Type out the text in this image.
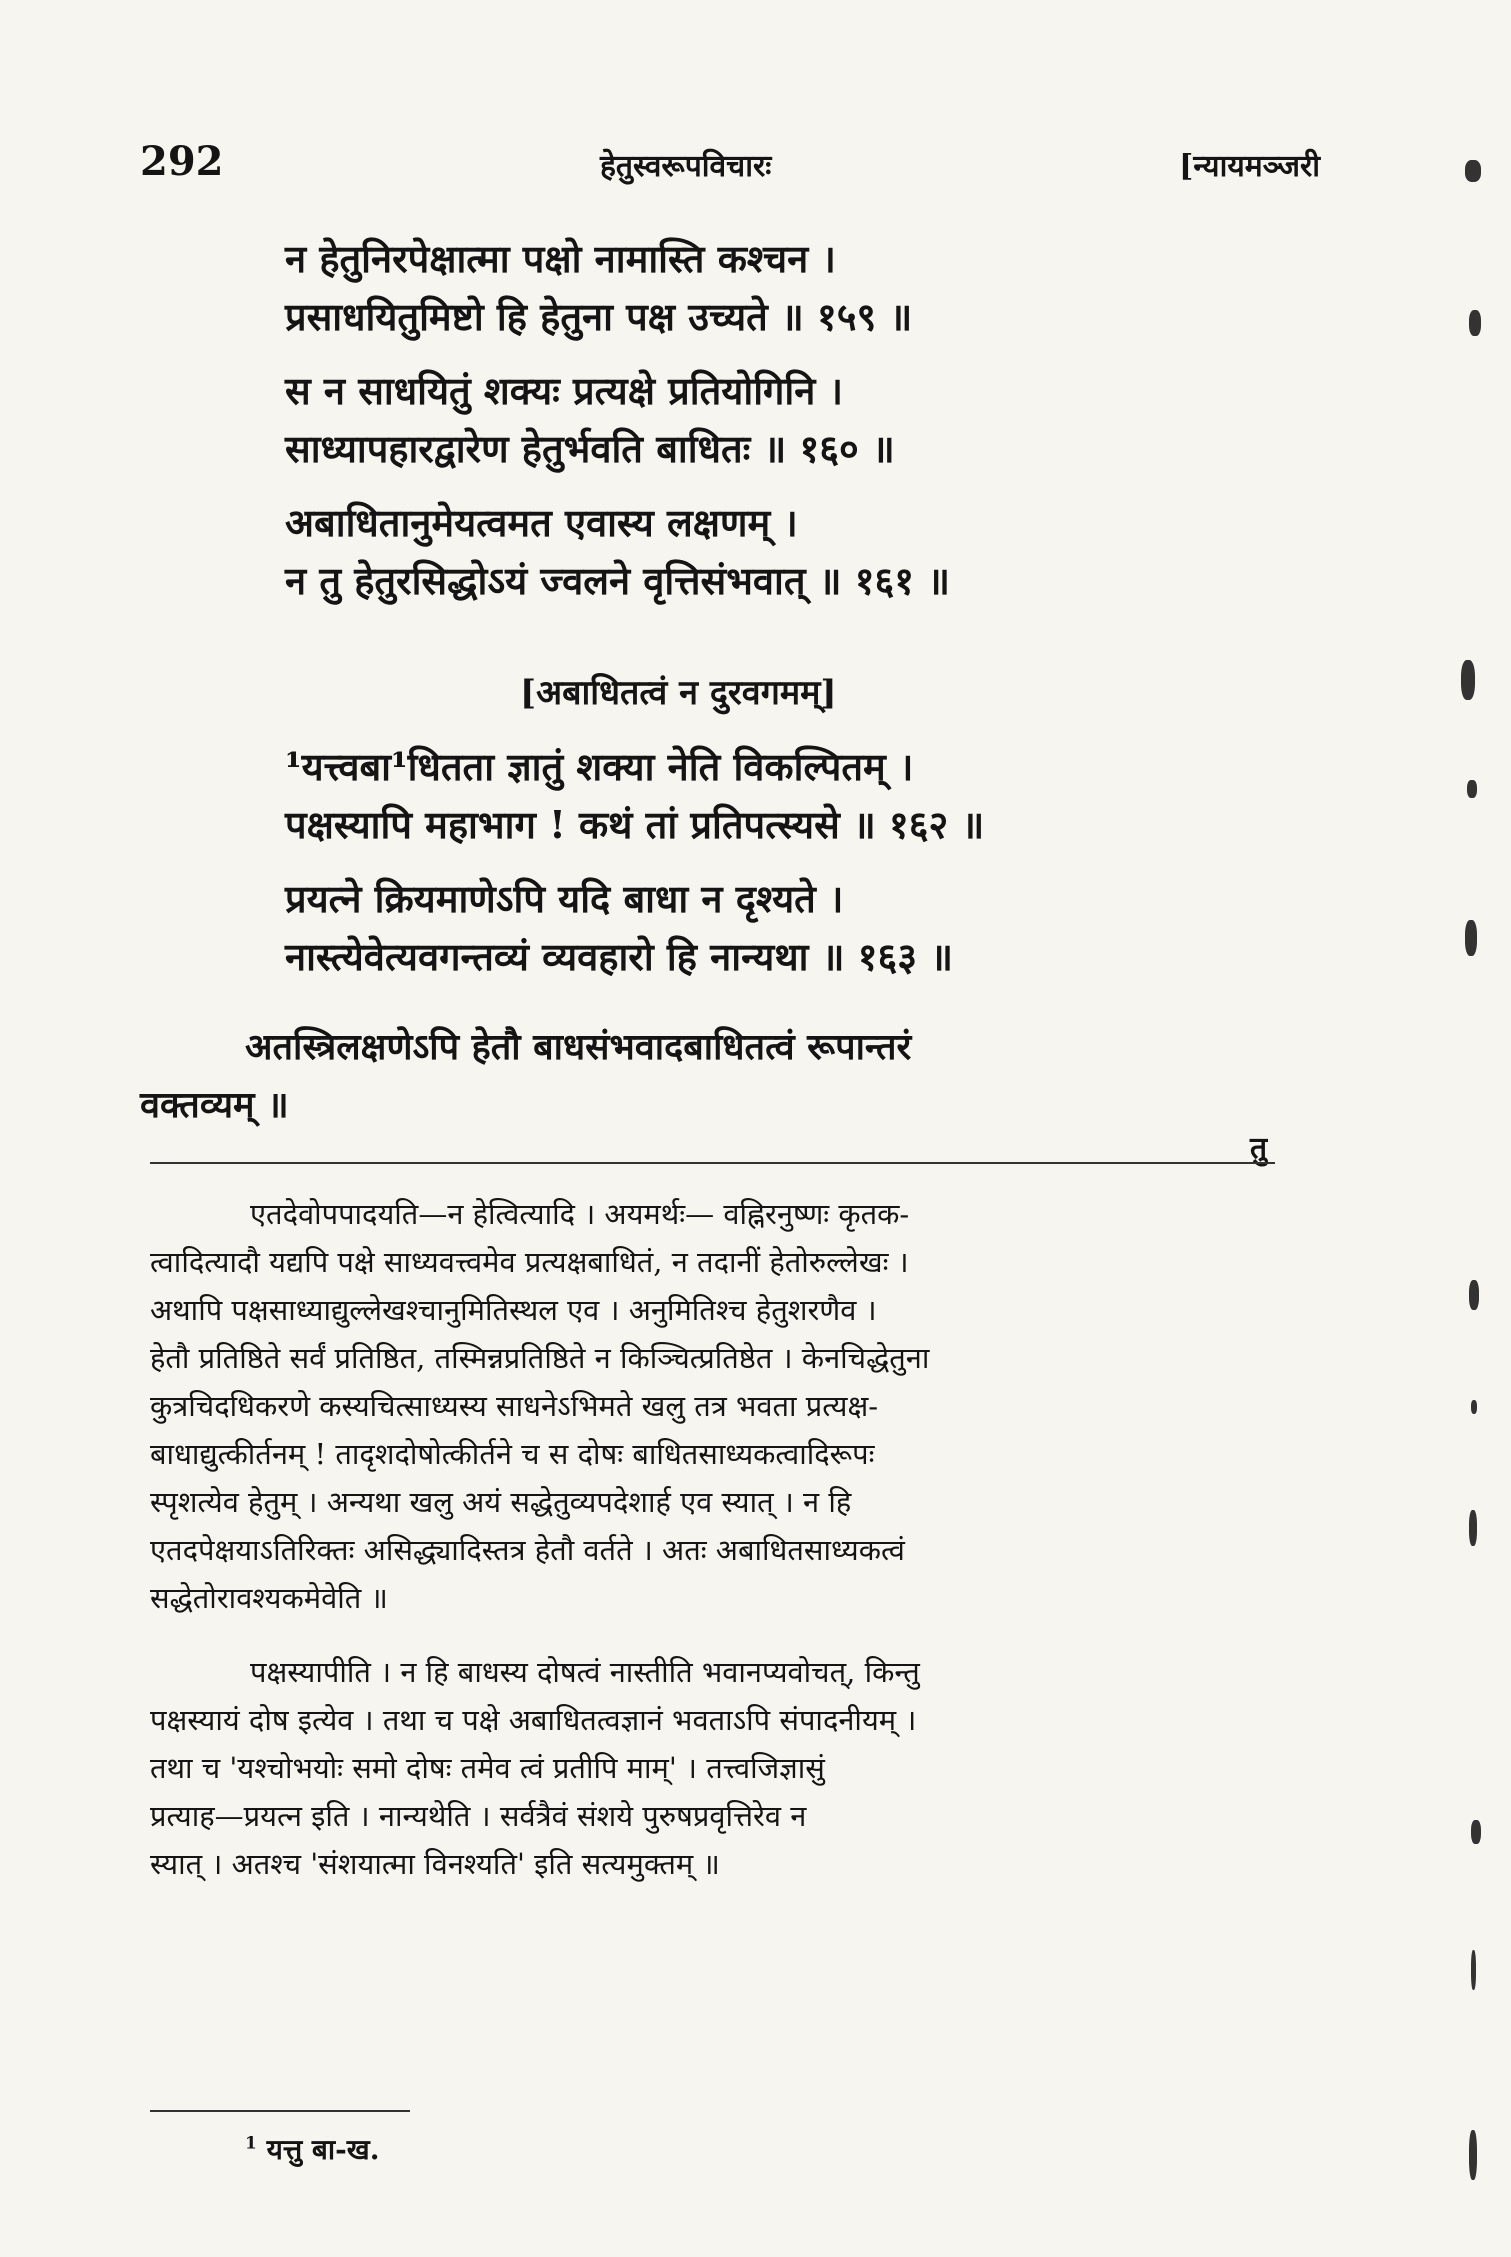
292	हेतुस्वरूपविचारः	[न्यायमञ्जरी
न हेतुनिरपेक्षात्मा पक्षो नामास्ति कश्चन ।
प्रसाधयितुमिष्टो हि हेतुना पक्ष उच्यते ॥ १५९ ॥
स न साधयितुं शक्यः प्रत्यक्षे प्रतियोगिनि ।
साध्यापहारद्वारेण हेतुर्भवति बाधितः ॥ १६० ॥
अबाधितानुमेयत्वमत एवास्य लक्षणम् ।
न तु हेतुरसिद्धोऽयं ज्वलने वृत्तिसंभवात् ॥ १६१ ॥
[अबाधितत्वं न दुरवगमम्]
¹यत्त्वबा¹धितता ज्ञातुं शक्या नेति विकल्पितम् ।
पक्षस्यापि महाभाग ! कथं तां प्रतिपत्स्यसे ॥ १६२ ॥
प्रयत्ने क्रियमाणेऽपि यदि बाधा न दृश्यते ।
नास्त्येवेत्यवगन्तव्यं व्यवहारो हि नान्यथा ॥ १६३ ॥
अतस्त्रिलक्षणेऽपि हेतौ बाधसंभवादबाधितत्वं रूपान्तरं
वक्तव्यम् ॥
तु
एतदेवोपपादयति—न हेत्वित्यादि । अयमर्थः— वह्निरनुष्णः कृतक-
त्वादित्यादौ यद्यपि पक्षे साध्यवत्त्वमेव प्रत्यक्षबाधितं, न तदानीं हेतोरुल्लेखः ।
अथापि पक्षसाध्याद्युल्लेखश्चानुमितिस्थल एव । अनुमितिश्च हेतुशरणैव ।
हेतौ प्रतिष्ठिते सर्वं प्रतिष्ठित, तस्मिन्नप्रतिष्ठिते न किञ्चित्प्रतिष्ठेत । केनचिद्धेतुना
कुत्रचिदधिकरणे कस्यचित्साध्यस्य साधनेऽभिमते खलु तत्र भवता प्रत्यक्ष-
बाधाद्युत्कीर्तनम् ! तादृशदोषोत्कीर्तने च स दोषः बाधितसाध्यकत्वादिरूपः
स्पृशत्येव हेतुम् । अन्यथा खलु अयं सद्धेतुव्यपदेशार्ह एव स्यात् । न हि
एतदपेक्षयाऽतिरिक्तः असिद्ध्यादिस्तत्र हेतौ वर्तते । अतः अबाधितसाध्यकत्वं
सद्धेतोरावश्यकमेवेति ॥
पक्षस्यापीति । न हि बाधस्य दोषत्वं नास्तीति भवानप्यवोचत्, किन्तु
पक्षस्यायं दोष इत्येव । तथा च पक्षे अबाधितत्वज्ञानं भवताऽपि संपादनीयम् ।
तथा च 'यश्चोभयोः समो दोषः तमेव त्वं प्रतीपि माम्' । तत्त्वजिज्ञासुं
प्रत्याह—प्रयत्न इति । नान्यथेति । सर्वत्रैवं संशये पुरुषप्रवृत्तिरेव न
स्यात् । अतश्च 'संशयात्मा विनश्यति' इति सत्यमुक्तम् ॥
$^1$ यत्तु बा-ख.
